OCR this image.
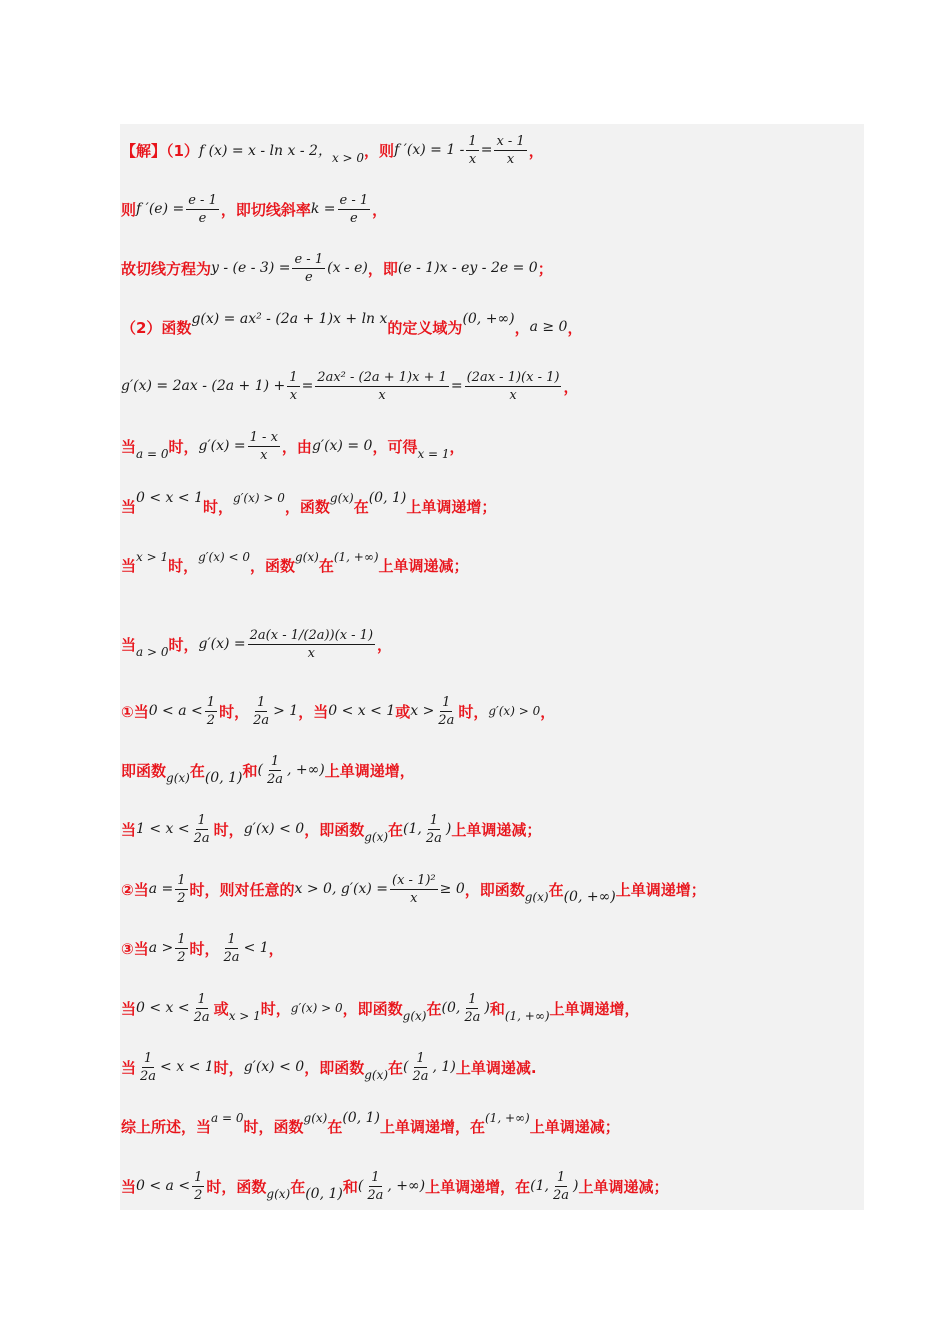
【解】（1） f (x) = x - ln x - 2， x > 0 ，则 f $'(x) = 1 - \frac{1}{x} = \frac{x - 1}{x}$ ，
则 f $'(e) = \frac{e - 1}{e}$ ，即切线斜率 $k = \frac{e - 1}{e}$ ，
故切线方程为 $y - (e - 3) = \frac{e - 1}{e} (x - e)$ ，即 (e - 1)x - ey - 2e = 0 ；
（2）函数 g(x) = ax² - (2a + 1)x + ln x 的定义域为 (0, +∞) ， a ≥ 0 ，
$g'(x) = 2ax - (2a + 1) + \frac{1}{x} = \frac{\text{2ax² - (2a + 1)x + 1}}{x} = \frac{(2ax - 1)(x - 1)}{x}$ ，
当 a = 0 时， $g'(x) = \frac{1 - x}{x}$ ，由 g′(x) = 0 ，可得 x = 1 ，
当 0 < x < 1 时， g′(x) > 0 ，函数 g(x) 在 (0, 1) 上单调递增；
当 x > 1 时， g′(x) < 0 ，函数 g(x) 在 (1, +∞) 上单调递减；
当 a > 0 时， $g'(x) = \frac{2a(x - 1/(2a))(x - 1)}{x}$ ，
①当 $0 < a < \frac{1}{2}$ 时， $\frac{1}{2a} > 1$ ，当 0 < x < 1 或 $x > \frac{1}{2a}$ 时， g′(x) > 0 ，
即函数 g(x) 在 (0, 1) 和 ( $\frac{1}{2a}$ , +∞) 上单调递增，
当 $1 < x < \frac{1}{2a}$ 时， g′(x) < 0 ，即函数 g(x) 在 (1, $\frac{1}{2a}$ ) 上单调递减；
②当 $a = \frac{1}{2}$ 时，则对任意的 x > 0, $g'(x) = \frac{\text{(x - 1)²}}{x} \ge 0$ ，即函数 g(x) 在 (0, +∞) 上单调递增；
③当 $a > \frac{1}{2}$ 时， $\frac{1}{2a} < 1$ ，
当 $0 < x < \frac{1}{2a}$ 或 x > 1 时， g′(x) > 0 ，即函数 g(x) 在 (0, $\frac{1}{2a}$ ) 和 (1, +∞) 上单调递增，
当 $\frac{1}{2a} < x < 1$ 时， g′(x) < 0 ，即函数 g(x) 在 ( $\frac{1}{2a}$ , 1) 上单调递减.
综上所述，当 a = 0 时，函数 g(x) 在 (0, 1) 上单调递增，在 (1, +∞) 上单调递减；
当 $0 < a < \frac{1}{2}$ 时，函数 g(x) 在 (0, 1) 和 ( $\frac{1}{2a}$ , +∞) 上单调递增，在 (1, $\frac{1}{2a}$ ) 上单调递减；
